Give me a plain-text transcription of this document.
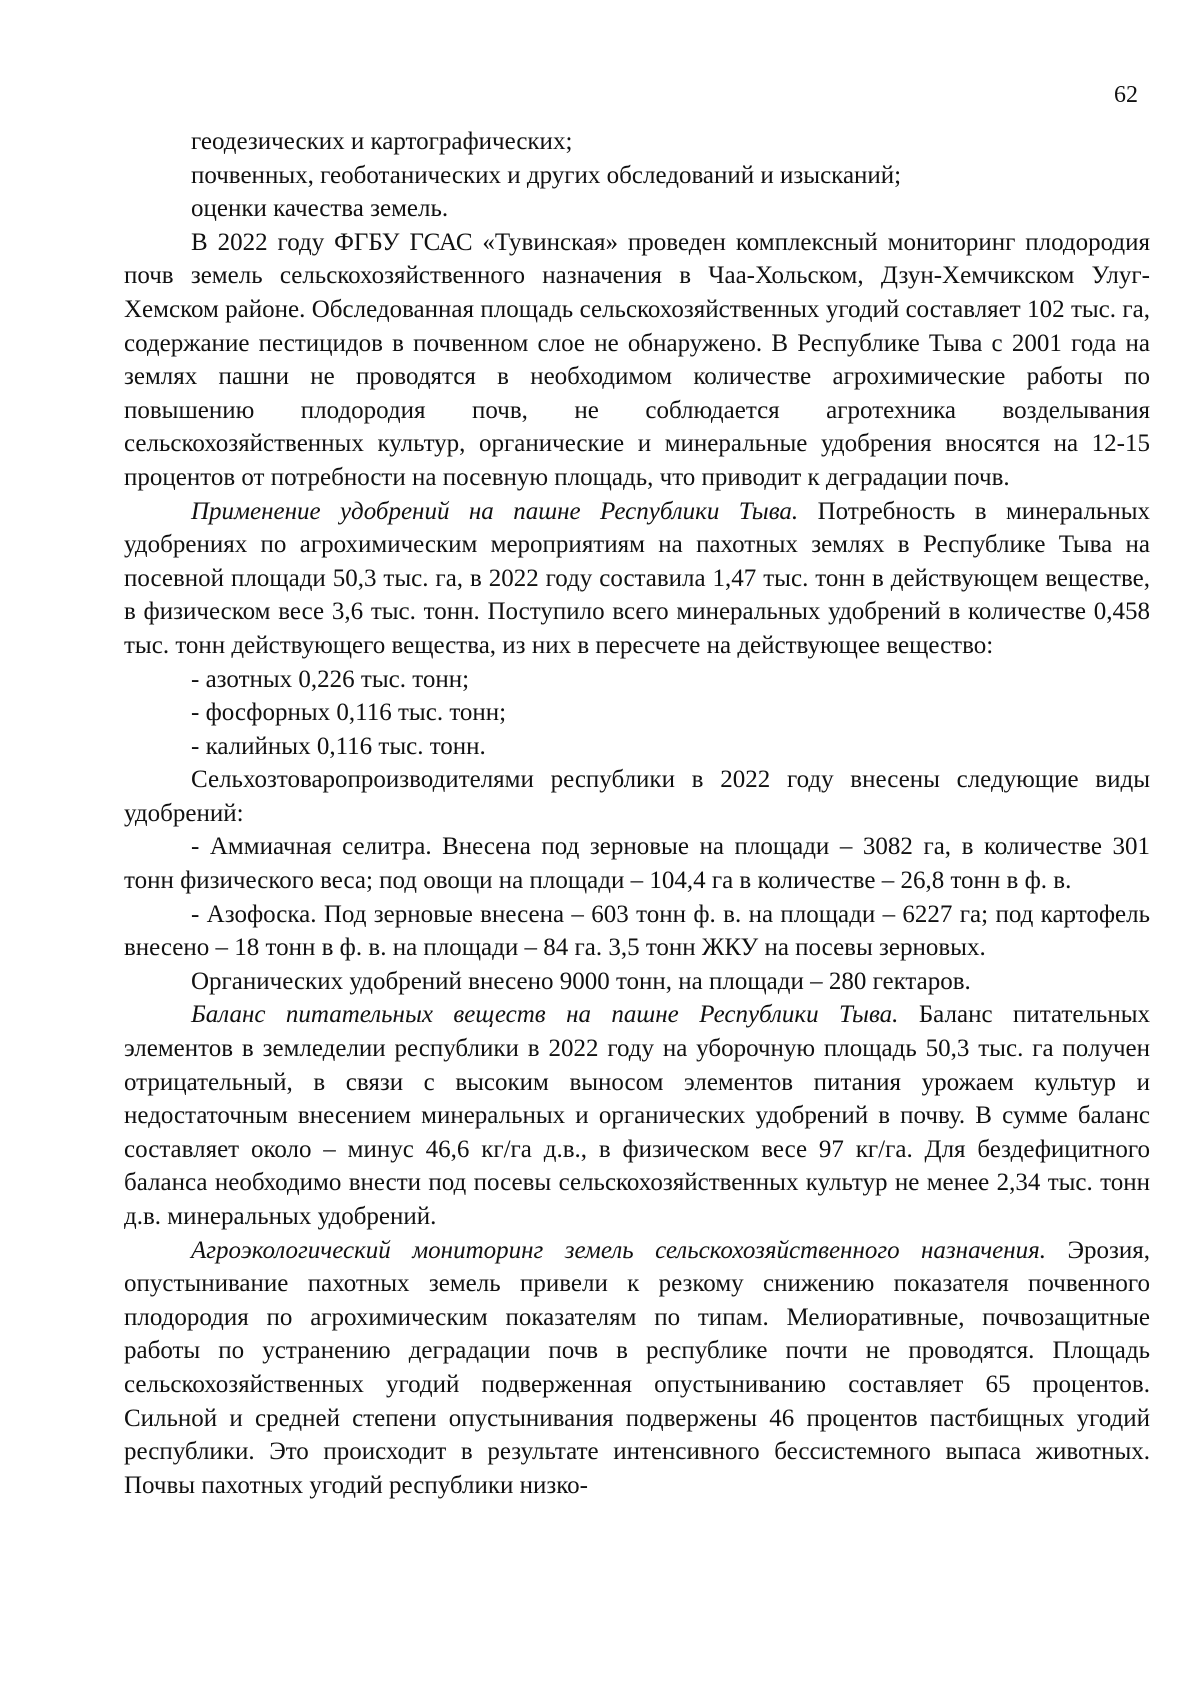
62

геодезических и картографических;

почвенных, геоботанических и других обследований и изысканий;

оценки качества земель.

В 2022 году ФГБУ ГСАС «Тувинская» проведен комплексный мониторинг плодородия почв земель сельскохозяйственного назначения в Чаа-Хольском, Дзун-Хемчикском Улуг-Хемском районе. Обследованная площадь сельскохозяйственных угодий составляет 102 тыс. га, содержание пестицидов в почвенном слое не обнаружено. В Республике Тыва с 2001 года на землях пашни не проводятся в необходимом количестве агрохимические работы по повышению плодородия почв, не соблюдается агротехника возделывания сельскохозяйственных культур, органические и минеральные удобрения вносятся на 12-15 процентов от потребности на посевную площадь, что приводит к деградации почв.

Применение удобрений на пашне Республики Тыва. Потребность в минеральных удобрениях по агрохимическим мероприятиям на пахотных землях в Республике Тыва на посевной площади 50,3 тыс. га, в 2022 году составила 1,47 тыс. тонн в действующем веществе, в физическом весе 3,6 тыс. тонн. Поступило всего минеральных удобрений в количестве 0,458 тыс. тонн действующего вещества, из них в пересчете на действующее вещество:

- азотных 0,226 тыс. тонн;

- фосфорных 0,116 тыс. тонн;

- калийных 0,116 тыс. тонн.

Сельхозтоваропроизводителями республики в 2022 году внесены следующие виды удобрений:

- Аммиачная селитра. Внесена под зерновые на площади – 3082 га, в количестве 301 тонн физического веса; под овощи на площади – 104,4 га в количестве – 26,8 тонн в ф. в.

- Азофоска. Под зерновые внесена – 603 тонн ф. в. на площади – 6227 га; под картофель внесено – 18 тонн в ф. в. на площади – 84 га. 3,5 тонн ЖКУ на посевы зерновых.

Органических удобрений внесено 9000 тонн, на площади – 280 гектаров.

Баланс питательных веществ на пашне Республики Тыва. Баланс питательных элементов в земледелии республики в 2022 году на уборочную площадь 50,3 тыс. га получен отрицательный, в связи с высоким выносом элементов питания урожаем культур и недостаточным внесением минеральных и органических удобрений в почву. В сумме баланс составляет около – минус 46,6 кг/га д.в., в физическом весе 97 кг/га. Для бездефицитного баланса необходимо внести под посевы сельскохозяйственных культур не менее 2,34 тыс. тонн д.в. минеральных удобрений.

Агроэкологический мониторинг земель сельскохозяйственного назначения. Эрозия, опустынивание пахотных земель привели к резкому снижению показателя почвенного плодородия по агрохимическим показателям по типам. Мелиоративные, почвозащитные работы по устранению деградации почв в республике почти не проводятся. Площадь сельскохозяйственных угодий подверженная опустыниванию составляет 65 процентов. Сильной и средней степени опустынивания подвержены 46 процентов пастбищных угодий республики. Это происходит в результате интенсивного бессистемного выпаса животных. Почвы пахотных угодий республики низко-
